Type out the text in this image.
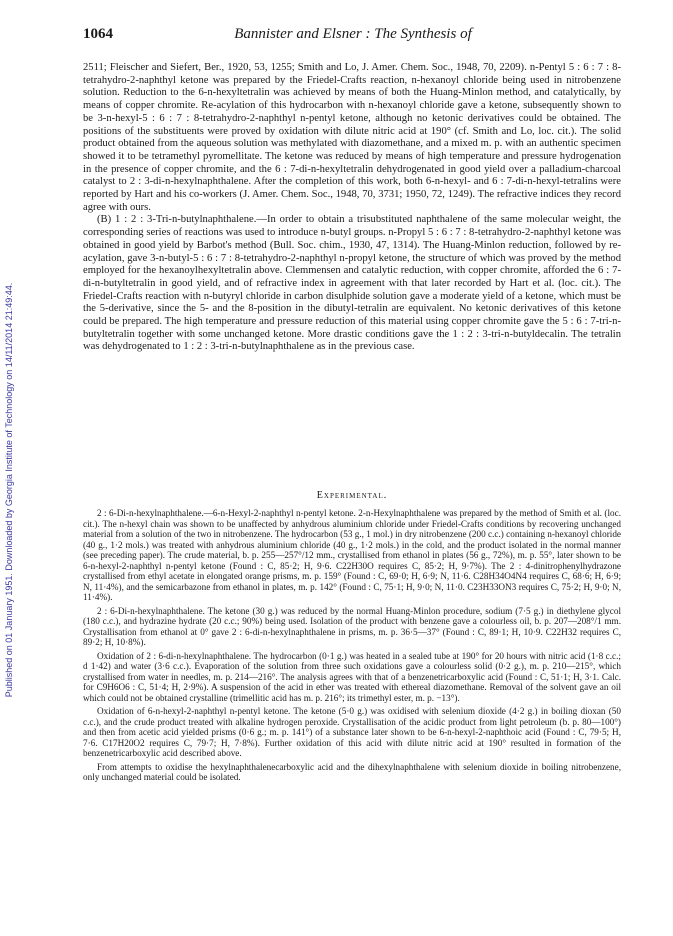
Published on 01 January 1951. Downloaded by Georgia Institute of Technology on 14/11/2014 21:49:44.
1064	Bannister and Elsner : The Synthesis of

2511; Fleischer and Siefert, Ber., 1920, 53, 1255; Smith and Lo, J. Amer. Chem. Soc., 1948, 70, 2209). n-Pentyl 5 : 6 : 7 : 8-tetrahydro-2-naphthyl ketone was prepared by the Friedel-Crafts reaction, n-hexanoyl chloride being used in nitrobenzene solution. Reduction to the 6-n-hexyltetralin was achieved by means of both the Huang-Minlon method, and catalytically, by means of copper chromite. Re-acylation of this hydrocarbon with n-hexanoyl chloride gave a ketone, subsequently shown to be 3-n-hexyl-5 : 6 : 7 : 8-tetrahydro-2-naphthyl n-pentyl ketone, although no ketonic derivatives could be obtained. The positions of the substituents were proved by oxidation with dilute nitric acid at 190° (cf. Smith and Lo, loc. cit.). The solid product obtained from the aqueous solution was methylated with diazomethane, and a mixed m. p. with an authentic specimen showed it to be tetramethyl pyromellitate. The ketone was reduced by means of high temperature and pressure hydrogenation in the presence of copper chromite, and the 6 : 7-di-n-hexyltetralin dehydrogenated in good yield over a palladium-charcoal catalyst to 2 : 3-di-n-hexylnaphthalene. After the completion of this work, both 6-n-hexyl- and 6 : 7-di-n-hexyl-tetralins were reported by Hart and his co-workers (J. Amer. Chem. Soc., 1948, 70, 3731; 1950, 72, 1249). The refractive indices they record agree with ours.

(B) 1 : 2 : 3-Tri-n-butylnaphthalene.—In order to obtain a trisubstituted naphthalene of the same molecular weight, the corresponding series of reactions was used to introduce n-butyl groups. n-Propyl 5 : 6 : 7 : 8-tetrahydro-2-naphthyl ketone was obtained in good yield by Barbot's method (Bull. Soc. chim., 1930, 47, 1314). The Huang-Minlon reduction, followed by re-acylation, gave 3-n-butyl-5 : 6 : 7 : 8-tetrahydro-2-naphthyl n-propyl ketone, the structure of which was proved by the method employed for the hexanoylhexyltetralin above. Clemmensen and catalytic reduction, with copper chromite, afforded the 6 : 7-di-n-butyltetralin in good yield, and of refractive index in agreement with that later recorded by Hart et al. (loc. cit.). The Friedel-Crafts reaction with n-butyryl chloride in carbon disulphide solution gave a moderate yield of a ketone, which must be the 5-derivative, since the 5- and the 8-position in the dibutyl-tetralin are equivalent. No ketonic derivatives of this ketone could be prepared. The high temperature and pressure reduction of this material using copper chromite gave the 5 : 6 : 7-tri-n-butyltetralin together with some unchanged ketone. More drastic conditions gave the 1 : 2 : 3-tri-n-butyldecalin. The tetralin was dehydrogenated to 1 : 2 : 3-tri-n-butylnaphthalene as in the previous case.

Experimental.

2 : 6-Di-n-hexylnaphthalene.—6-n-Hexyl-2-naphthyl n-pentyl ketone. 2-n-Hexylnaphthalene was prepared by the method of Smith et al. (loc. cit.). The n-hexyl chain was shown to be unaffected by anhydrous aluminium chloride under Friedel-Crafts conditions by recovering unchanged material from a solution of the two in nitrobenzene. The hydrocarbon (53 g., 1 mol.) in dry nitrobenzene (200 c.c.) containing n-hexanoyl chloride (40 g., 1·2 mols.) was treated with anhydrous aluminium chloride (40 g., 1·2 mols.) in the cold, and the product isolated in the normal manner (see preceding paper). The crude material, b. p. 255—257°/12 mm., crystallised from ethanol in plates (56 g., 72%), m. p. 55°, later shown to be 6-n-hexyl-2-naphthyl n-pentyl ketone (Found : C, 85·2; H, 9·6. C22H30O requires C, 85·2; H, 9·7%). The 2 : 4-dinitrophenylhydrazone crystallised from ethyl acetate in elongated orange prisms, m. p. 159° (Found : C, 69·0; H, 6·9; N, 11·6. C28H34O4N4 requires C, 68·6; H, 6·9; N, 11·4%), and the semicarbazone from ethanol in plates, m. p. 142° (Found : C, 75·1; H, 9·0; N, 11·0. C23H33ON3 requires C, 75·2; H, 9·0; N, 11·4%).

2 : 6-Di-n-hexylnaphthalene. The ketone (30 g.) was reduced by the normal Huang-Minlon procedure, sodium (7·5 g.) in diethylene glycol (180 c.c.), and hydrazine hydrate (20 c.c.; 90%) being used. Isolation of the product with benzene gave a colourless oil, b. p. 207—208°/1 mm. Crystallisation from ethanol at 0° gave 2 : 6-di-n-hexylnaphthalene in prisms, m. p. 36·5—37° (Found : C, 89·1; H, 10·9. C22H32 requires C, 89·2; H, 10·8%).

Oxidation of 2 : 6-di-n-hexylnaphthalene. The hydrocarbon (0·1 g.) was heated in a sealed tube at 190° for 20 hours with nitric acid (1·8 c.c.; d 1·42) and water (3·6 c.c.). Evaporation of the solution from three such oxidations gave a colourless solid (0·2 g.), m. p. 210—215°, which crystallised from water in needles, m. p. 214—216°. The analysis agrees with that of a benzenetricarboxylic acid (Found : C, 51·1; H, 3·1. Calc. for C9H6O6 : C, 51·4; H, 2·9%). A suspension of the acid in ether was treated with ethereal diazomethane. Removal of the solvent gave an oil which could not be obtained crystalline (trimellitic acid has m. p. 216°; its trimethyl ester, m. p. −13°).

Oxidation of 6-n-hexyl-2-naphthyl n-pentyl ketone. The ketone (5·0 g.) was oxidised with selenium dioxide (4·2 g.) in boiling dioxan (50 c.c.), and the crude product treated with alkaline hydrogen peroxide. Crystallisation of the acidic product from light petroleum (b. p. 80—100°) and then from acetic acid yielded prisms (0·6 g.; m. p. 141°) of a substance later shown to be 6-n-hexyl-2-naphthoic acid (Found : C, 79·5; H, 7·6. C17H20O2 requires C, 79·7; H, 7·8%). Further oxidation of this acid with dilute nitric acid at 190° resulted in formation of the benzenetricarboxylic acid described above.

From attempts to oxidise the hexylnaphthalenecarboxylic acid and the dihexylnaphthalene with selenium dioxide in boiling nitrobenzene, only unchanged material could be isolated.
